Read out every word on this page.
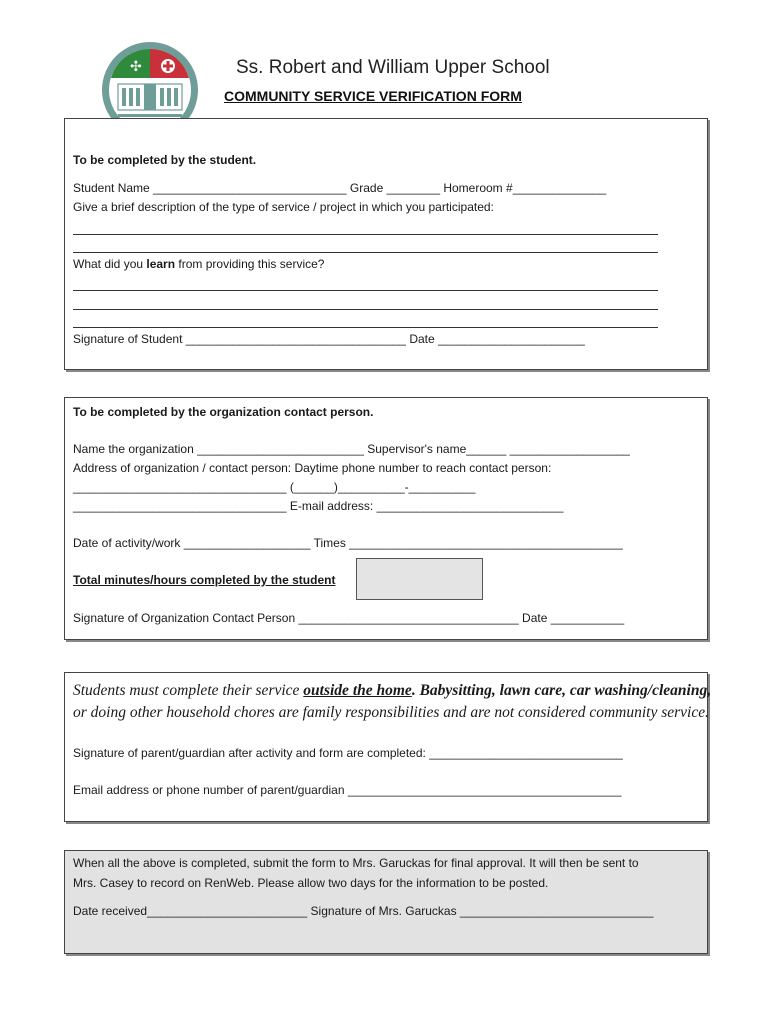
✣	Ss. Robert and William Upper School
COMMUNITY SERVICE VERIFICATION FORM
To be completed by the student.
Student Name _____________________________ Grade ________ Homeroom #______________
Give a brief description of the type of service / project in which you participated:
What did you learn from providing this service?
Signature of Student _________________________________ Date ______________________
To be completed by the organization contact person.
Name the organization _________________________ Supervisor's name______ __________________
Address of organization / contact person: Daytime phone number to reach contact person:
________________________________ (______)__________-__________
________________________________ E-mail address: ____________________________
Date of activity/work ___________________ Times _________________________________________
Total minutes/hours completed by the student
Signature of Organization Contact Person _________________________________ Date ___________
Students must complete their service outside the home. Babysitting, lawn care, car washing/cleaning,
or doing other household chores are family responsibilities and are not considered community service.
Signature of parent/guardian after activity and form are completed: _____________________________
Email address or phone number of parent/guardian _________________________________________
When all the above is completed, submit the form to Mrs. Garuckas for final approval. It will then be sent to
Mrs. Casey to record on RenWeb. Please allow two days for the information to be posted.
Date received________________________ Signature of Mrs. Garuckas _____________________________
